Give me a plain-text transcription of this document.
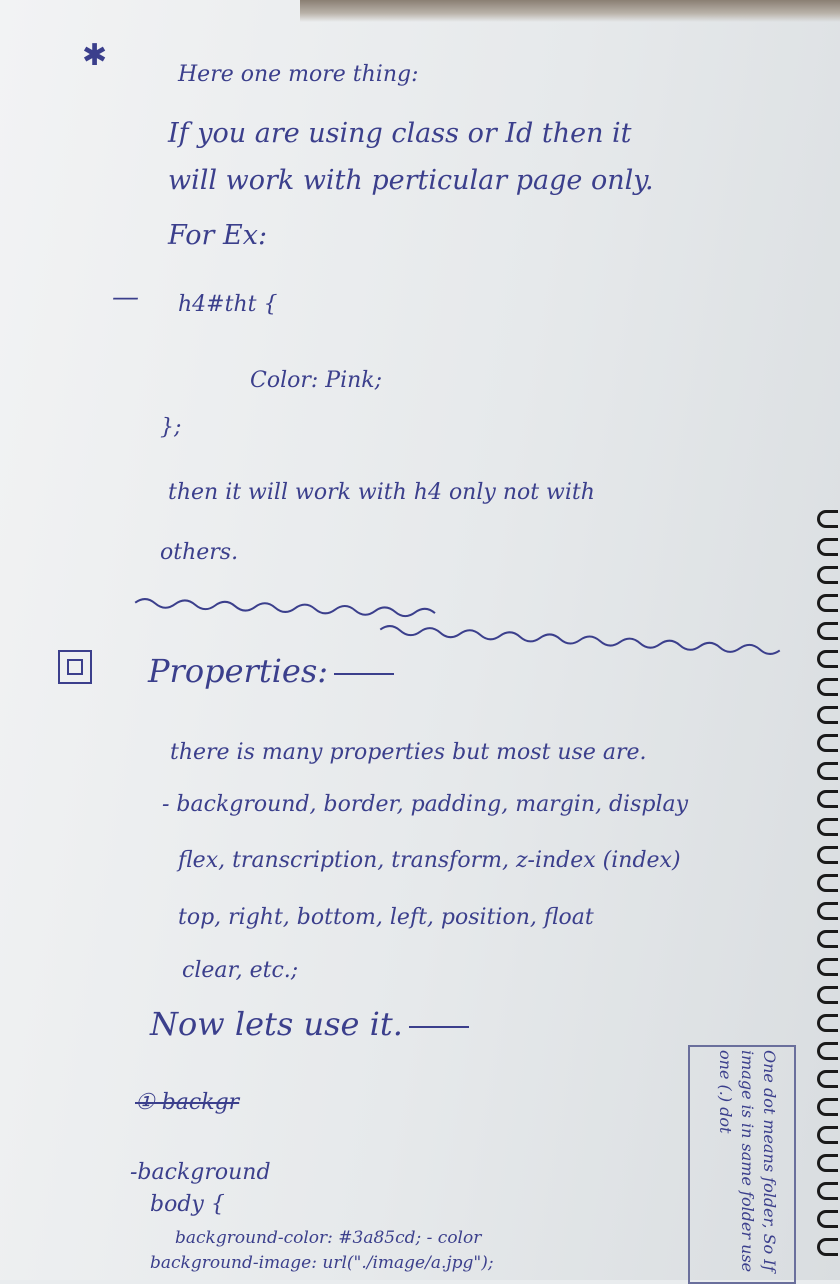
✱
Here one more thing:
If you are using class or Id then it
will work with perticular page only.
For Ex:
— h4#tht {
Color: Pink;
};
then it will work with h4 only not with
others.
Properties:
there is many properties but most use are.
- background, border, padding, margin, display
flex, transcription, transform, z-index (index)
top, right, bottom, left, position, float
clear, etc.;
Now lets use it.
① backgr
-background
body {
background-color: #3a85cd; - color
background-image: url("./image/a.jpg");	One dot means folder, So If image is in same folder use one (.) dot
